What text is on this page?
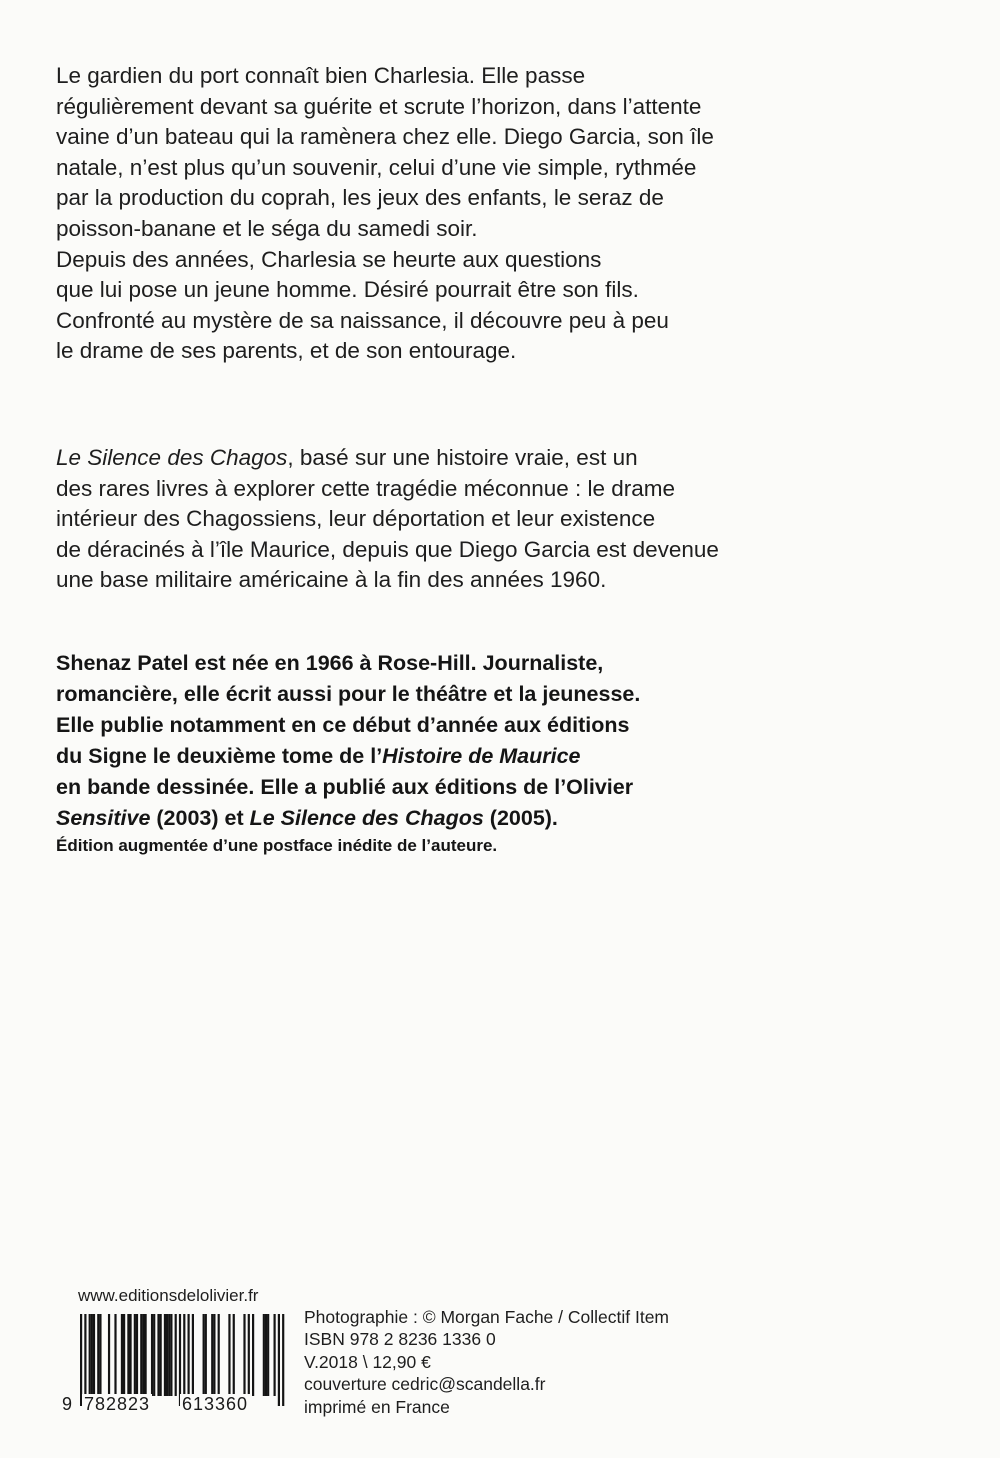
Le gardien du port connaît bien Charlesia. Elle passe
régulièrement devant sa guérite et scrute l’horizon, dans l’attente
vaine d’un bateau qui la ramènera chez elle. Diego Garcia, son île
natale, n’est plus qu’un souvenir, celui d’une vie simple, rythmée
par la production du coprah, les jeux des enfants, le seraz de
poisson-banane et le séga du samedi soir.
Depuis des années, Charlesia se heurte aux questions
que lui pose un jeune homme. Désiré pourrait être son fils.
Confronté au mystère de sa naissance, il découvre peu à peu
le drame de ses parents, et de son entourage.
Le Silence des Chagos, basé sur une histoire vraie, est un
des rares livres à explorer cette tragédie méconnue : le drame
intérieur des Chagossiens, leur déportation et leur existence
de déracinés à l’île Maurice, depuis que Diego Garcia est devenue
une base militaire américaine à la fin des années 1960.
Shenaz Patel est née en 1966 à Rose-Hill. Journaliste,
romancière, elle écrit aussi pour le théâtre et la jeunesse.
Elle publie notamment en ce début d’année aux éditions
du Signe le deuxième tome de l’Histoire de Maurice
en bande dessinée. Elle a publié aux éditions de l’Olivier
Sensitive (2003) et Le Silence des Chagos (2005).
Édition augmentée d’une postface inédite de l’auteure.
www.editionsdelolivier.fr
9 782823 613360
Photographie : © Morgan Fache / Collectif Item
ISBN 978 2 8236 1336 0
V.2018 \ 12,90 €
couverture cedric@scandella.fr
imprimé en France
